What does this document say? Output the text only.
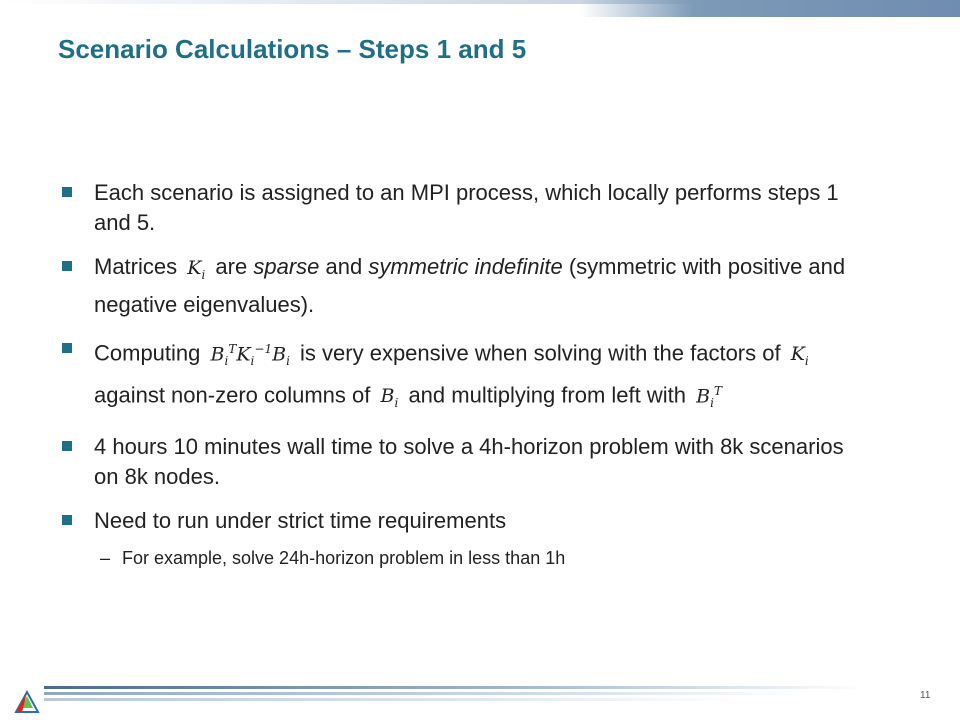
Scenario Calculations – Steps 1 and 5
Each scenario is assigned to an MPI process, which locally performs steps 1 and 5.
Matrices $K_i$ are sparse and symmetric indefinite (symmetric with positive and negative eigenvalues).
Computing $B_i^TK_i^{-1}B_i$ is very expensive when solving with the factors of $K_i$ against non-zero columns of $B_i$ and multiplying from left with $B_i^T$
4 hours 10 minutes wall time to solve a 4h-horizon problem with 8k scenarios on 8k nodes.
Need to run under strict time requirements
– For example, solve 24h-horizon problem in less than 1h
11
